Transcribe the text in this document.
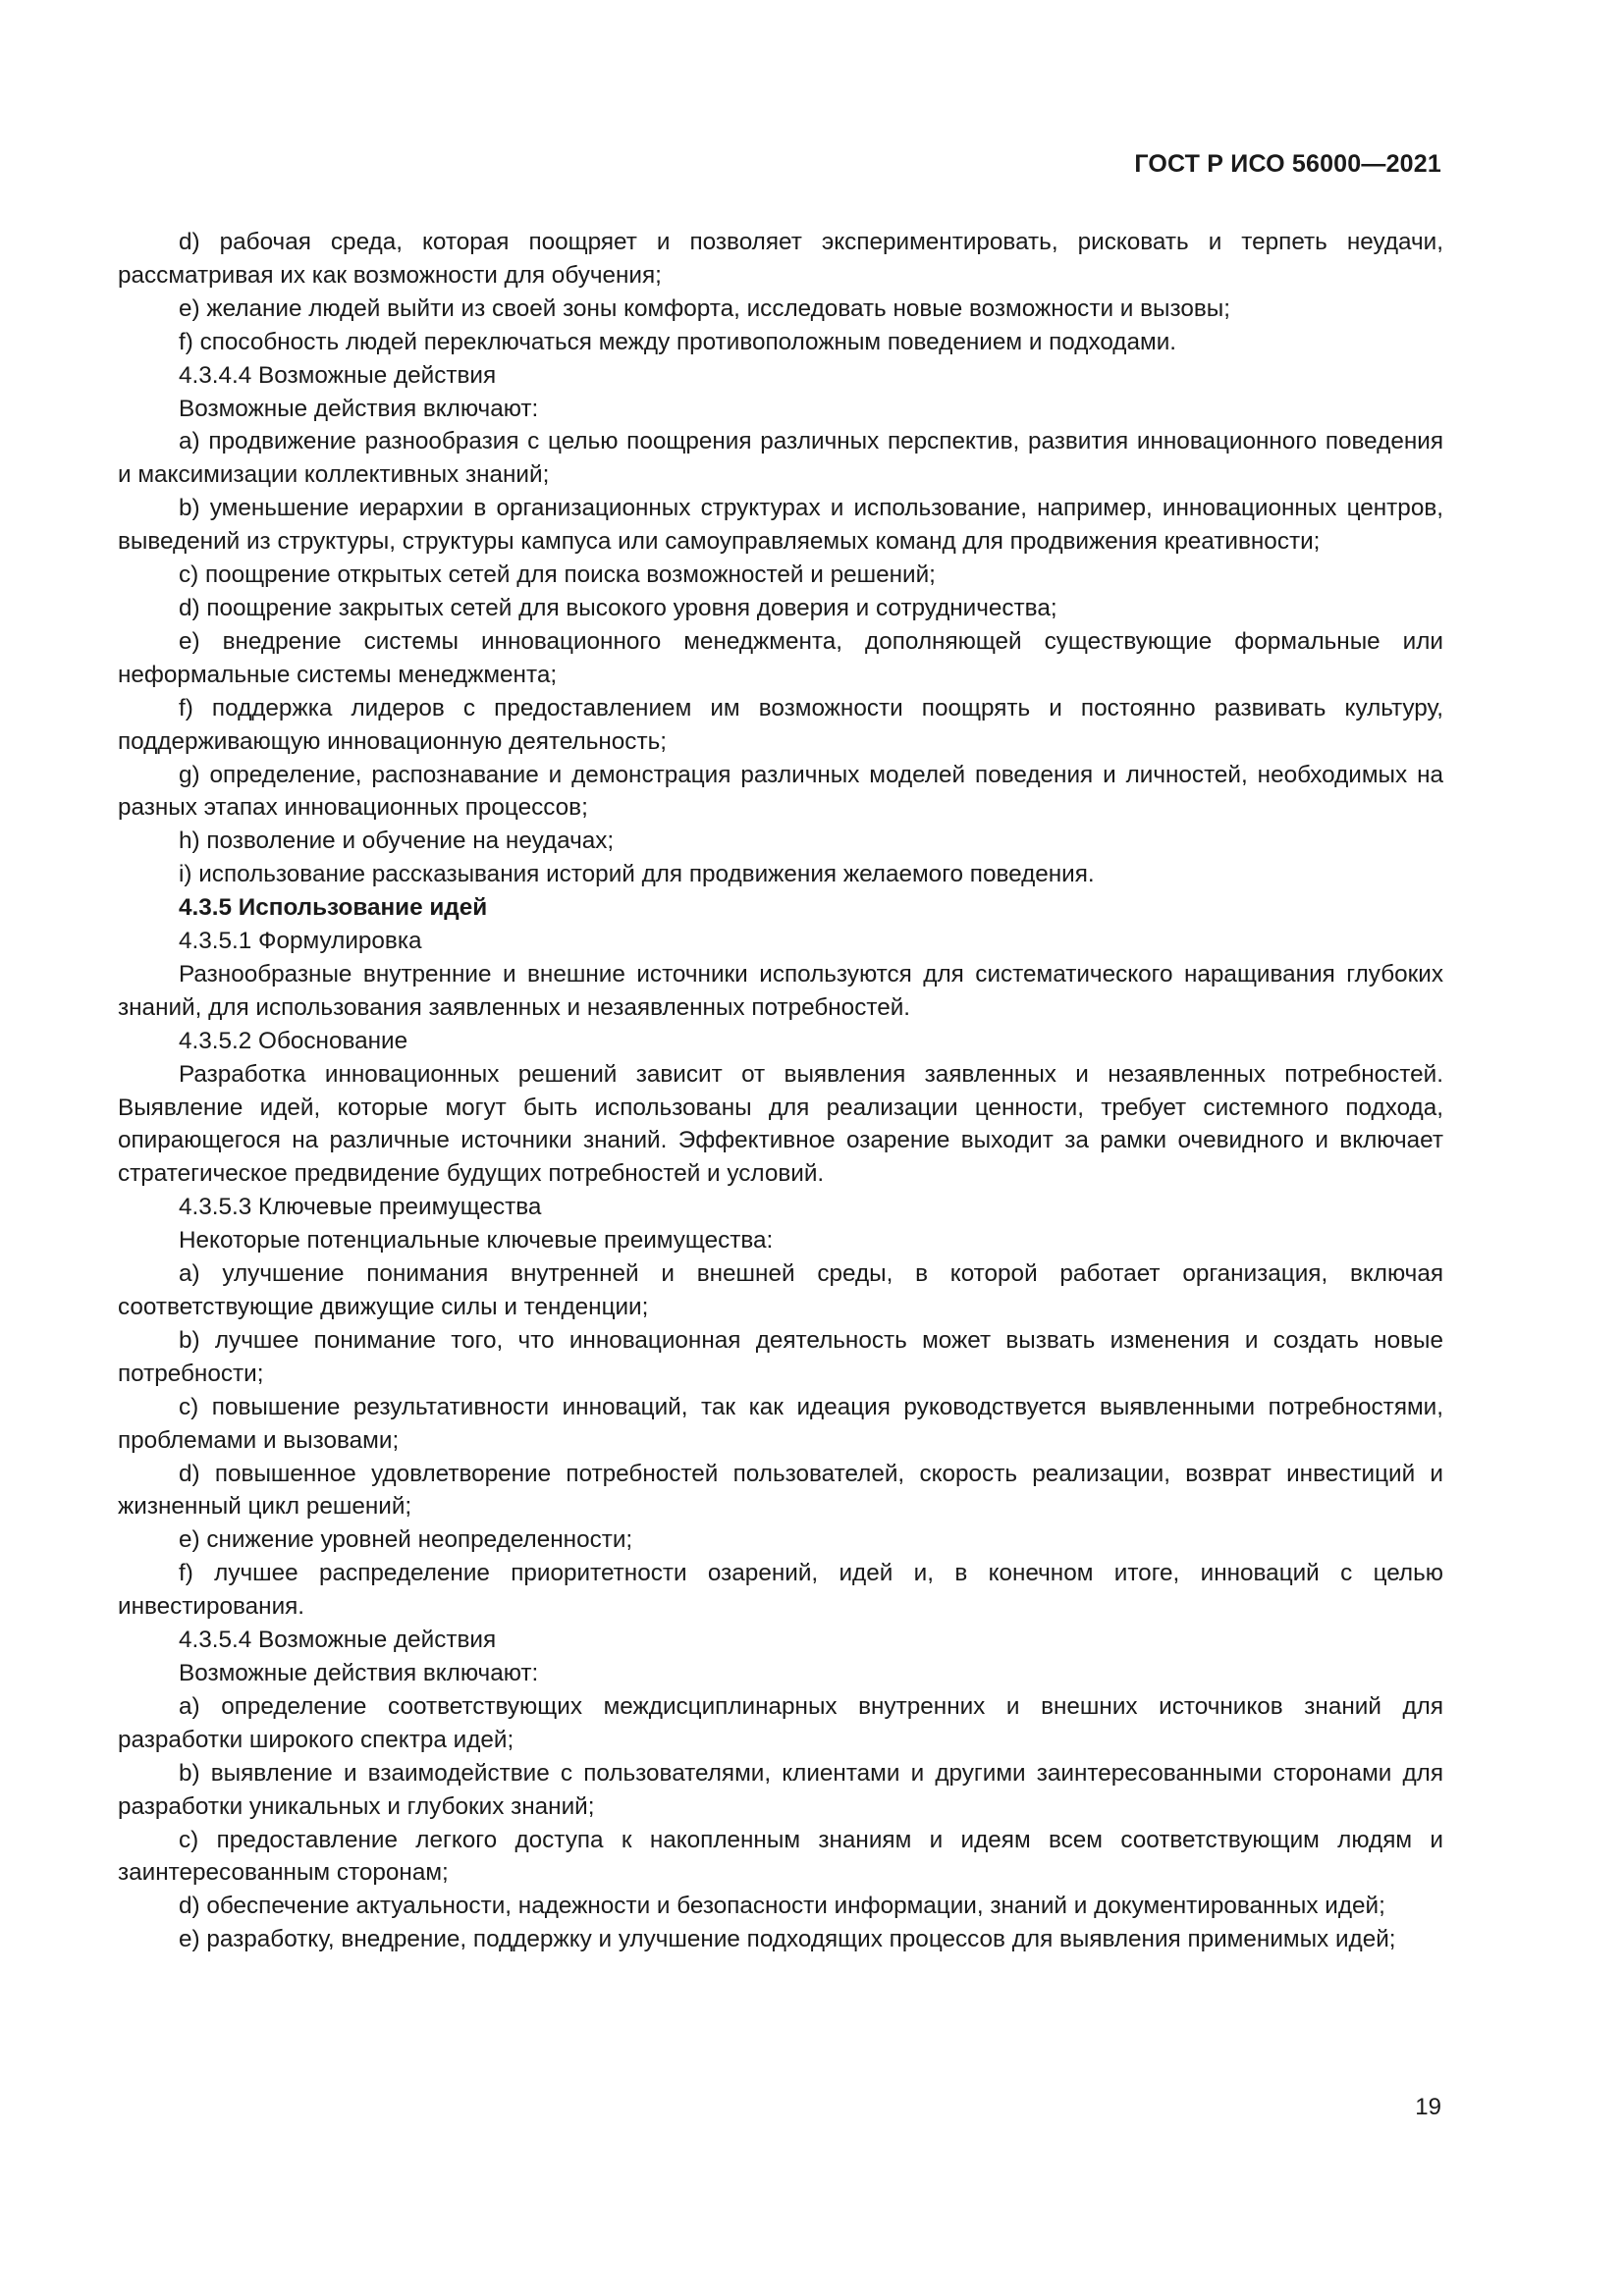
ГОСТ Р ИСО 56000—2021

d) рабочая среда, которая поощряет и позволяет экспериментировать, рисковать и терпеть неудачи, рассматривая их как возможности для обучения;

e) желание людей выйти из своей зоны комфорта, исследовать новые возможности и вызовы;

f) способность людей переключаться между противоположным поведением и подходами.

4.3.4.4 Возможные действия

Возможные действия включают:

a) продвижение разнообразия с целью поощрения различных перспектив, развития инновационного поведения и максимизации коллективных знаний;

b) уменьшение иерархии в организационных структурах и использование, например, инновационных центров, выведений из структуры, структуры кампуса или самоуправляемых команд для продвижения креативности;

c) поощрение открытых сетей для поиска возможностей и решений;

d) поощрение закрытых сетей для высокого уровня доверия и сотрудничества;

e) внедрение системы инновационного менеджмента, дополняющей существующие формальные или неформальные системы менеджмента;

f) поддержка лидеров с предоставлением им возможности поощрять и постоянно развивать культуру, поддерживающую инновационную деятельность;

g) определение, распознавание и демонстрация различных моделей поведения и личностей, необходимых на разных этапах инновационных процессов;

h) позволение и обучение на неудачах;

i) использование рассказывания историй для продвижения желаемого поведения.

4.3.5 Использование идей

4.3.5.1 Формулировка

Разнообразные внутренние и внешние источники используются для систематического наращивания глубоких знаний, для использования заявленных и незаявленных потребностей.

4.3.5.2 Обоснование

Разработка инновационных решений зависит от выявления заявленных и незаявленных потребностей. Выявление идей, которые могут быть использованы для реализации ценности, требует системного подхода, опирающегося на различные источники знаний. Эффективное озарение выходит за рамки очевидного и включает стратегическое предвидение будущих потребностей и условий.

4.3.5.3 Ключевые преимущества

Некоторые потенциальные ключевые преимущества:

a) улучшение понимания внутренней и внешней среды, в которой работает организация, включая соответствующие движущие силы и тенденции;

b) лучшее понимание того, что инновационная деятельность может вызвать изменения и создать новые потребности;

c) повышение результативности инноваций, так как идеация руководствуется выявленными потребностями, проблемами и вызовами;

d) повышенное удовлетворение потребностей пользователей, скорость реализации, возврат инвестиций и жизненный цикл решений;

e) снижение уровней неопределенности;

f) лучшее распределение приоритетности озарений, идей и, в конечном итоге, инноваций с целью инвестирования.

4.3.5.4 Возможные действия

Возможные действия включают:

a) определение соответствующих междисциплинарных внутренних и внешних источников знаний для разработки широкого спектра идей;

b) выявление и взаимодействие с пользователями, клиентами и другими заинтересованными сторонами для разработки уникальных и глубоких знаний;

c) предоставление легкого доступа к накопленным знаниям и идеям всем соответствующим людям и заинтересованным сторонам;

d) обеспечение актуальности, надежности и безопасности информации, знаний и документированных идей;

e) разработку, внедрение, поддержку и улучшение подходящих процессов для выявления применимых идей;

19
